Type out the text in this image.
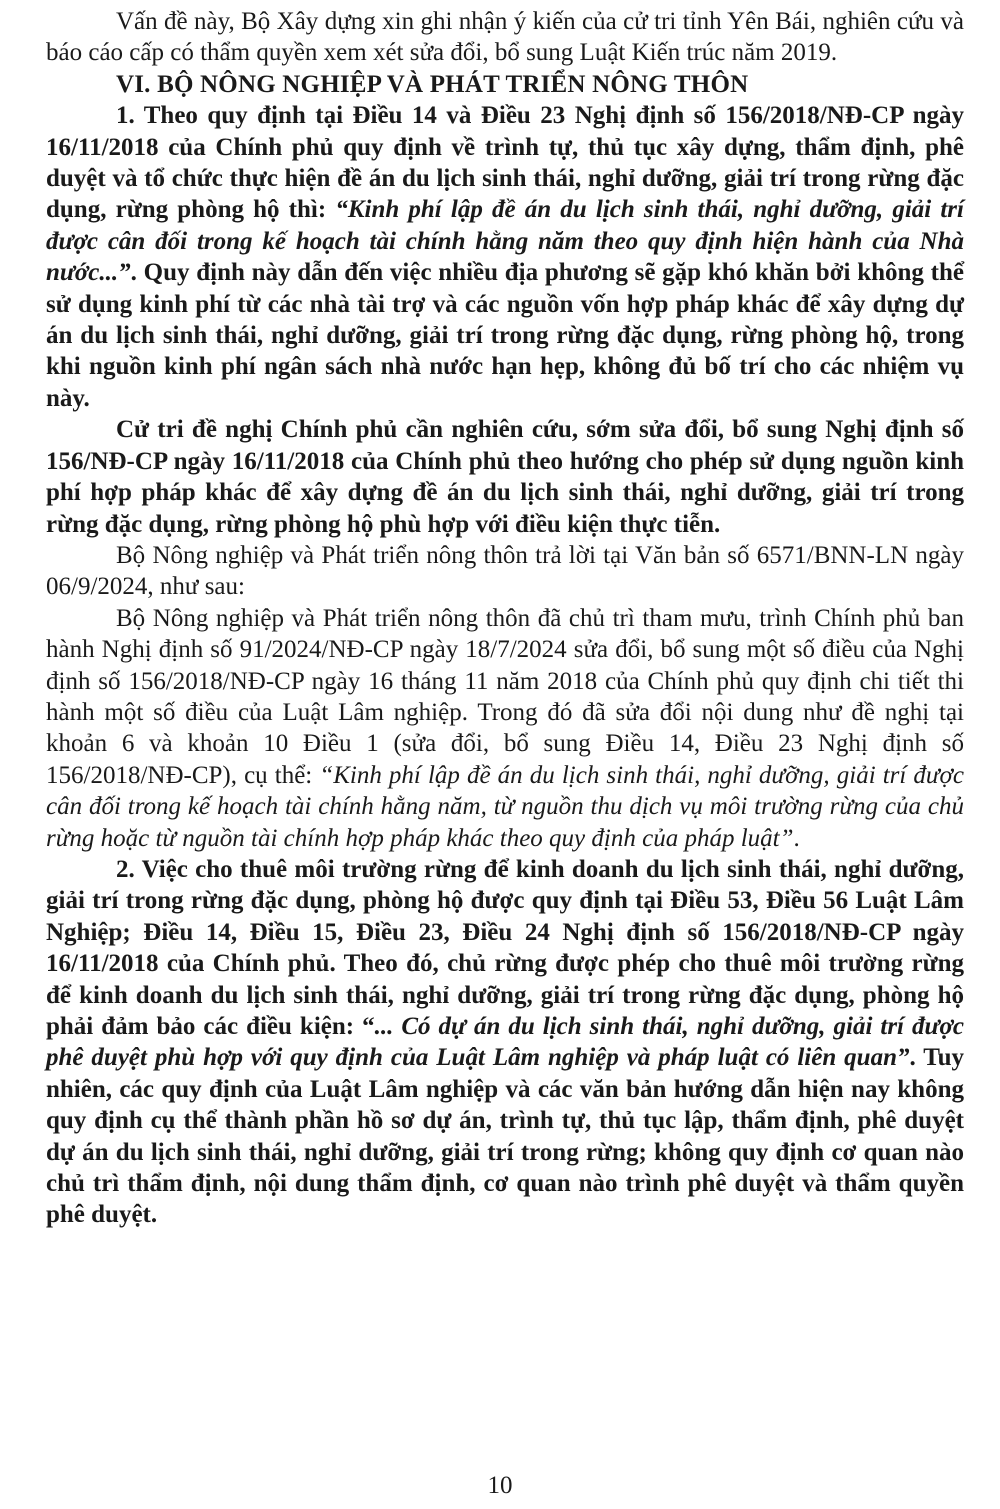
Vấn đề này, Bộ Xây dựng xin ghi nhận ý kiến của cử tri tỉnh Yên Bái, nghiên cứu và báo cáo cấp có thẩm quyền xem xét sửa đổi, bổ sung Luật Kiến trúc năm 2019.

VI. BỘ NÔNG NGHIỆP VÀ PHÁT TRIỂN NÔNG THÔN

1. Theo quy định tại Điều 14 và Điều 23 Nghị định số 156/2018/NĐ-CP ngày 16/11/2018 của Chính phủ quy định về trình tự, thủ tục xây dựng, thẩm định, phê duyệt và tổ chức thực hiện đề án du lịch sinh thái, nghỉ dưỡng, giải trí trong rừng đặc dụng, rừng phòng hộ thì: “Kinh phí lập đề án du lịch sinh thái, nghỉ dưỡng, giải trí được cân đối trong kế hoạch tài chính hằng năm theo quy định hiện hành của Nhà nước...”. Quy định này dẫn đến việc nhiều địa phương sẽ gặp khó khăn bởi không thể sử dụng kinh phí từ các nhà tài trợ và các nguồn vốn hợp pháp khác để xây dựng dự án du lịch sinh thái, nghỉ dưỡng, giải trí trong rừng đặc dụng, rừng phòng hộ, trong khi nguồn kinh phí ngân sách nhà nước hạn hẹp, không đủ bố trí cho các nhiệm vụ này.

Cử tri đề nghị Chính phủ cần nghiên cứu, sớm sửa đổi, bổ sung Nghị định số 156/NĐ-CP ngày 16/11/2018 của Chính phủ theo hướng cho phép sử dụng nguồn kinh phí hợp pháp khác để xây dựng đề án du lịch sinh thái, nghỉ dưỡng, giải trí trong rừng đặc dụng, rừng phòng hộ phù hợp với điều kiện thực tiễn.

Bộ Nông nghiệp và Phát triển nông thôn trả lời tại Văn bản số 6571/BNN-LN ngày 06/9/2024, như sau:

Bộ Nông nghiệp và Phát triển nông thôn đã chủ trì tham mưu, trình Chính phủ ban hành Nghị định số 91/2024/NĐ-CP ngày 18/7/2024 sửa đổi, bổ sung một số điều của Nghị định số 156/2018/NĐ-CP ngày 16 tháng 11 năm 2018 của Chính phủ quy định chi tiết thi hành một số điều của Luật Lâm nghiệp. Trong đó đã sửa đổi nội dung như đề nghị tại khoản 6 và khoản 10 Điều 1 (sửa đổi, bổ sung Điều 14, Điều 23 Nghị định số 156/2018/NĐ-CP), cụ thể: “Kinh phí lập đề án du lịch sinh thái, nghỉ dưỡng, giải trí được cân đối trong kế hoạch tài chính hằng năm, từ nguồn thu dịch vụ môi trường rừng của chủ rừng hoặc từ nguồn tài chính hợp pháp khác theo quy định của pháp luật”.

2. Việc cho thuê môi trường rừng để kinh doanh du lịch sinh thái, nghỉ dưỡng, giải trí trong rừng đặc dụng, phòng hộ được quy định tại Điều 53, Điều 56 Luật Lâm Nghiệp; Điều 14, Điều 15, Điều 23, Điều 24 Nghị định số 156/2018/NĐ-CP ngày 16/11/2018 của Chính phủ. Theo đó, chủ rừng được phép cho thuê môi trường rừng để kinh doanh du lịch sinh thái, nghỉ dưỡng, giải trí trong rừng đặc dụng, phòng hộ phải đảm bảo các điều kiện: “... Có dự án du lịch sinh thái, nghỉ dưỡng, giải trí được phê duyệt phù hợp với quy định của Luật Lâm nghiệp và pháp luật có liên quan”. Tuy nhiên, các quy định của Luật Lâm nghiệp và các văn bản hướng dẫn hiện nay không quy định cụ thể thành phần hồ sơ dự án, trình tự, thủ tục lập, thẩm định, phê duyệt dự án du lịch sinh thái, nghỉ dưỡng, giải trí trong rừng; không quy định cơ quan nào chủ trì thẩm định, nội dung thẩm định, cơ quan nào trình phê duyệt và thẩm quyền phê duyệt.

10
